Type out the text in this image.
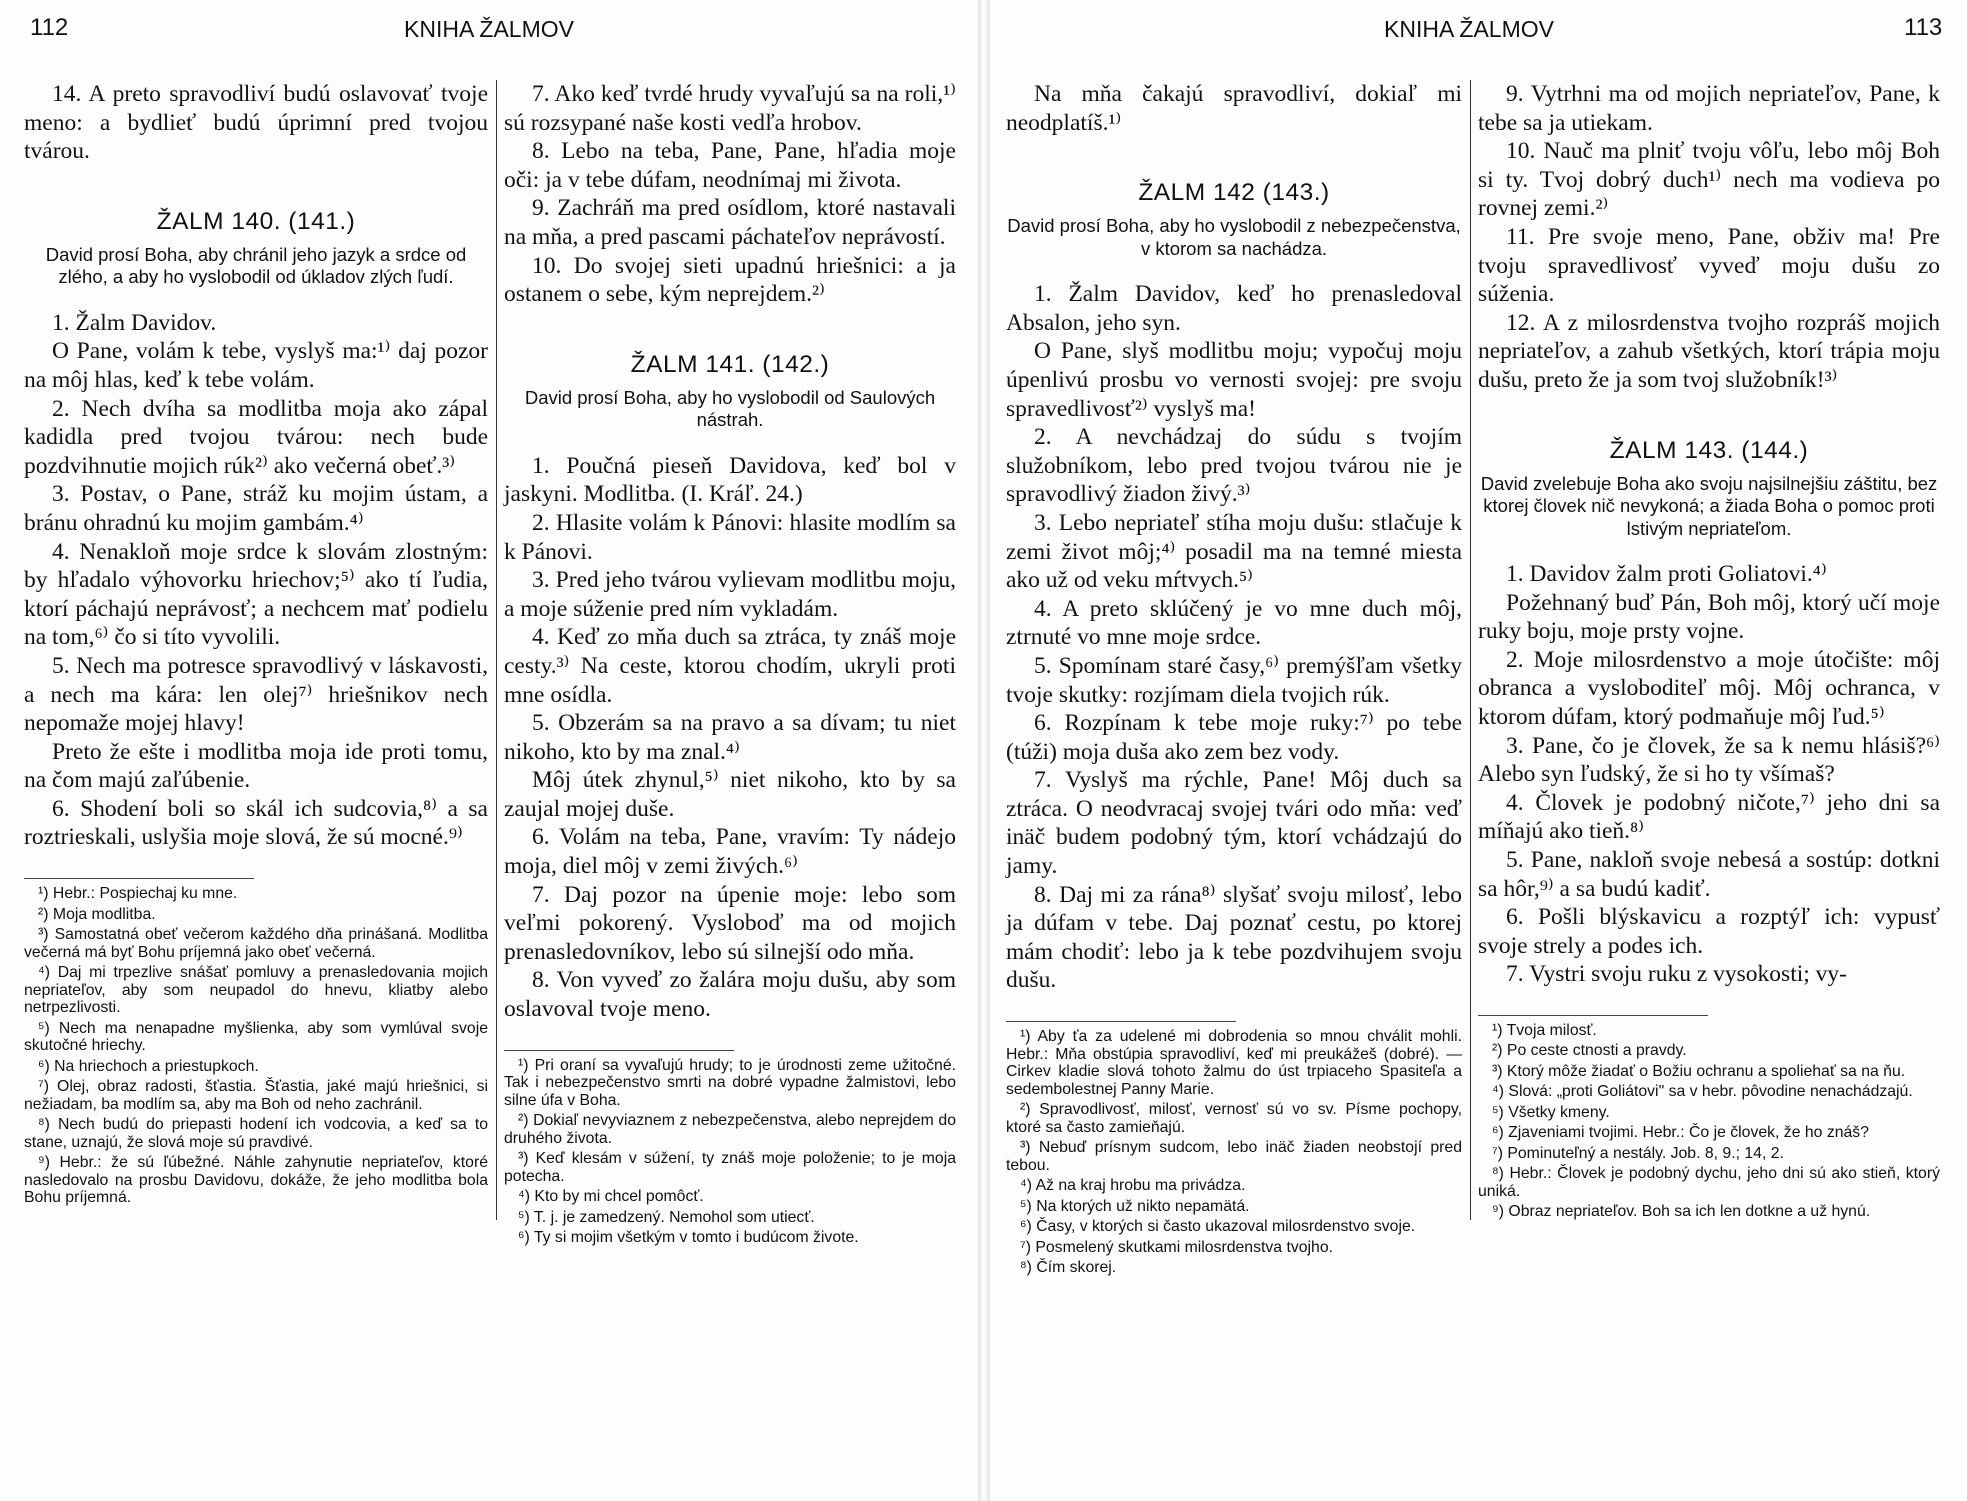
112	KNIHA ŽALMOV

14. A preto spravodliví budú oslavovať tvoje meno: a bydlieť budú úprimní pred tvojou tvárou.

ŽALM 140. (141.)
David prosí Boha, aby chránil jeho jazyk a srdce od zlého, a aby ho vyslobodil od úkladov zlých ľudí.

1. Žalm Davidov.

O Pane, volám k tebe, vyslyš ma:¹⁾ daj pozor na môj hlas, keď k tebe volám.

2. Nech dvíha sa modlitba moja ako zápal kadidla pred tvojou tvárou: nech bude pozdvihnutie mojich rúk²⁾ ako večerná obeť.³⁾

3. Postav, o Pane, stráž ku mojim ústam, a bránu ohradnú ku mojim gambám.⁴⁾

4. Nenakloň moje srdce k slovám zlostným: by hľadalo výhovorku hriechov;⁵⁾ ako tí ľudia, ktorí páchajú neprávosť; a nechcem mať podielu na tom,⁶⁾ čo si títo vyvolili.

5. Nech ma potresce spravodlivý v láskavosti, a nech ma kára: len olej⁷⁾ hriešnikov nech nepomaže mojej hlavy!

Preto že ešte i modlitba moja ide proti tomu, na čom majú zaľúbenie.

6. Shodení boli so skál ich sudcovia,⁸⁾ a sa roztrieskali, uslyšia moje slová, že sú mocné.⁹⁾

¹) Hebr.: Pospiechaj ku mne.

²) Moja modlitba.

³) Samostatná obeť večerom každého dňa prinášaná. Modlitba večerná má byť Bohu príjemná jako obeť večerná.

⁴) Daj mi trpezlive snášať pomluvy a prenasledovania mojich nepriateľov, aby som neupadol do hnevu, kliatby alebo netrpezlivosti.

⁵) Nech ma nenapadne myšlienka, aby som vymlúval svoje skutočné hriechy.

⁶) Na hriechoch a priestupkoch.

⁷) Olej, obraz radosti, šťastia. Šťastia, jaké majú hriešnici, si nežiadam, ba modlím sa, aby ma Boh od neho zachránil.

⁸) Nech budú do priepasti hodení ich vodcovia, a keď sa to stane, uznajú, že slová moje sú pravdivé.

⁹) Hebr.: že sú ľúbežné. Náhle zahynutie nepriateľov, ktoré nasledovalo na prosbu Davidovu, dokáže, že jeho modlitba bola Bohu príjemná.

7. Ako keď tvrdé hrudy vyvaľujú sa na roli,¹⁾ sú rozsypané naše kosti vedľa hrobov.

8. Lebo na teba, Pane, Pane, hľadia moje oči: ja v tebe dúfam, neodnímaj mi života.

9. Zachráň ma pred osídlom, ktoré nastavali na mňa, a pred pascami páchateľov neprávostí.

10. Do svojej sieti upadnú hriešnici: a ja ostanem o sebe, kým neprejdem.²⁾

ŽALM 141. (142.)
David prosí Boha, aby ho vyslobodil od Saulových nástrah.

1. Poučná pieseň Davidova, keď bol v jaskyni. Modlitba. (I. Kráľ. 24.)

2. Hlasite volám k Pánovi: hlasite modlím sa k Pánovi.

3. Pred jeho tvárou vylievam modlitbu moju, a moje súženie pred ním vykladám.

4. Keď zo mňa duch sa ztráca, ty znáš moje cesty.³⁾ Na ceste, ktorou chodím, ukryli proti mne osídla.

5. Obzerám sa na pravo a sa dívam; tu niet nikoho, kto by ma znal.⁴⁾

Môj útek zhynul,⁵⁾ niet nikoho, kto by sa zaujal mojej duše.

6. Volám na teba, Pane, vravím: Ty nádejo moja, diel môj v zemi živých.⁶⁾

7. Daj pozor na úpenie moje: lebo som veľmi pokorený. Vysloboď ma od mojich prenasledovníkov, lebo sú silnejší odo mňa.

8. Von vyveď zo žalára moju dušu, aby som oslavoval tvoje meno.

¹) Pri oraní sa vyvaľujú hrudy; to je úrodnosti zeme užitočné. Tak i nebezpečenstvo smrti na dobré vypadne žalmistovi, lebo silne úfa v Boha.

²) Dokiaľ nevyviaznem z nebezpečenstva, alebo neprejdem do druhého života.

³) Keď klesám v súžení, ty znáš moje položenie; to je moja potecha.

⁴) Kto by mi chcel pomôcť.

⁵) T. j. je zamedzený. Nemohol som utiecť.

⁶) Ty si mojim všetkým v tomto i budúcom živote.

KNIHA ŽALMOV	113

Na mňa čakajú spravodliví, dokiaľ mi neodplatíš.¹⁾

ŽALM 142 (143.)
David prosí Boha, aby ho vyslobodil z nebezpečenstva, v ktorom sa nachádza.

1. Žalm Davidov, keď ho prenasledoval Absalon, jeho syn.

O Pane, slyš modlitbu moju; vypočuj moju úpenlivú prosbu vo vernosti svojej: pre svoju spravedlivosť²⁾ vyslyš ma!

2. A nevchádzaj do súdu s tvojím služobníkom, lebo pred tvojou tvárou nie je spravodlivý žiadon živý.³⁾

3. Lebo nepriateľ stíha moju dušu: stlačuje k zemi život môj;⁴⁾ posadil ma na temné miesta ako už od veku mŕtvych.⁵⁾

4. A preto sklúčený je vo mne duch môj, ztrnuté vo mne moje srdce.

5. Spomínam staré časy,⁶⁾ premýšľam všetky tvoje skutky: rozjímam diela tvojich rúk.

6. Rozpínam k tebe moje ruky:⁷⁾ po tebe (túži) moja duša ako zem bez vody.

7. Vyslyš ma rýchle, Pane! Môj duch sa ztráca. O neodvracaj svojej tvári odo mňa: veď inäč budem podobný tým, ktorí vchádzajú do jamy.

8. Daj mi za rána⁸⁾ slyšať svoju milosť, lebo ja dúfam v tebe. Daj poznať cestu, po ktorej mám chodiť: lebo ja k tebe pozdvihujem svoju dušu.

¹) Aby ťa za udelené mi dobrodenia so mnou chválit mohli. Hebr.: Mňa obstúpia spravodliví, keď mi preukážeš (dobré). — Cirkev kladie slová tohoto žalmu do úst trpiaceho Spasiteľa a sedembolestnej Panny Marie.

²) Spravodlivosť, milosť, vernosť sú vo sv. Písme pochopy, ktoré sa často zamieňajú.

³) Nebuď prísnym sudcom, lebo inäč žiaden neobstojí pred tebou.

⁴) Až na kraj hrobu ma privádza.

⁵) Na ktorých už nikto nepamätá.

⁶) Časy, v ktorých si často ukazoval milosrdenstvo svoje.

⁷) Posmelený skutkami milosrdenstva tvojho.

⁸) Čím skorej.

9. Vytrhni ma od mojich nepriateľov, Pane, k tebe sa ja utiekam.

10. Nauč ma plniť tvoju vôľu, lebo môj Boh si ty. Tvoj dobrý duch¹⁾ nech ma vodieva po rovnej zemi.²⁾

11. Pre svoje meno, Pane, obživ ma! Pre tvoju spravedlivosť vyveď moju dušu zo súženia.

12. A z milosrdenstva tvojho rozpráš mojich nepriateľov, a zahub všetkých, ktorí trápia moju dušu, preto že ja som tvoj služobník!³⁾

ŽALM 143. (144.)
David zvelebuje Boha ako svoju najsilnejšiu záštitu, bez ktorej človek nič nevykoná; a žiada Boha o pomoc proti lstivým nepriateľom.

1. Davidov žalm proti Goliatovi.⁴⁾

Požehnaný buď Pán, Boh môj, ktorý učí moje ruky boju, moje prsty vojne.

2. Moje milosrdenstvo a moje útočište: môj obranca a vysloboditeľ môj. Môj ochranca, v ktorom dúfam, ktorý podmaňuje môj ľud.⁵⁾

3. Pane, čo je človek, že sa k nemu hlásiš?⁶⁾ Alebo syn ľudský, že si ho ty všímaš?

4. Človek je podobný ničote,⁷⁾ jeho dni sa míňajú ako tieň.⁸⁾

5. Pane, nakloň svoje nebesá a sostúp: dotkni sa hôr,⁹⁾ a sa budú kadiť.

6. Pošli blýskavicu a rozptýľ ich: vypusť svoje strely a podes ich.

7. Vystri svoju ruku z vysokosti; vy-

¹) Tvoja milosť.

²) Po ceste ctnosti a pravdy.

³) Ktorý môže žiadať o Božiu ochranu a spoliehať sa na ňu.

⁴) Slová: „proti Goliátovi" sa v hebr. pôvodine nenachádzajú.

⁵) Všetky kmeny.

⁶) Zjaveniami tvojimi. Hebr.: Čo je človek, že ho znáš?

⁷) Pominuteľný a nestály. Job. 8, 9.; 14, 2.

⁸) Hebr.: Človek je podobný dychu, jeho dni sú ako stieň, ktorý uniká.

⁹) Obraz nepriateľov. Boh sa ich len dotkne a už hynú.
